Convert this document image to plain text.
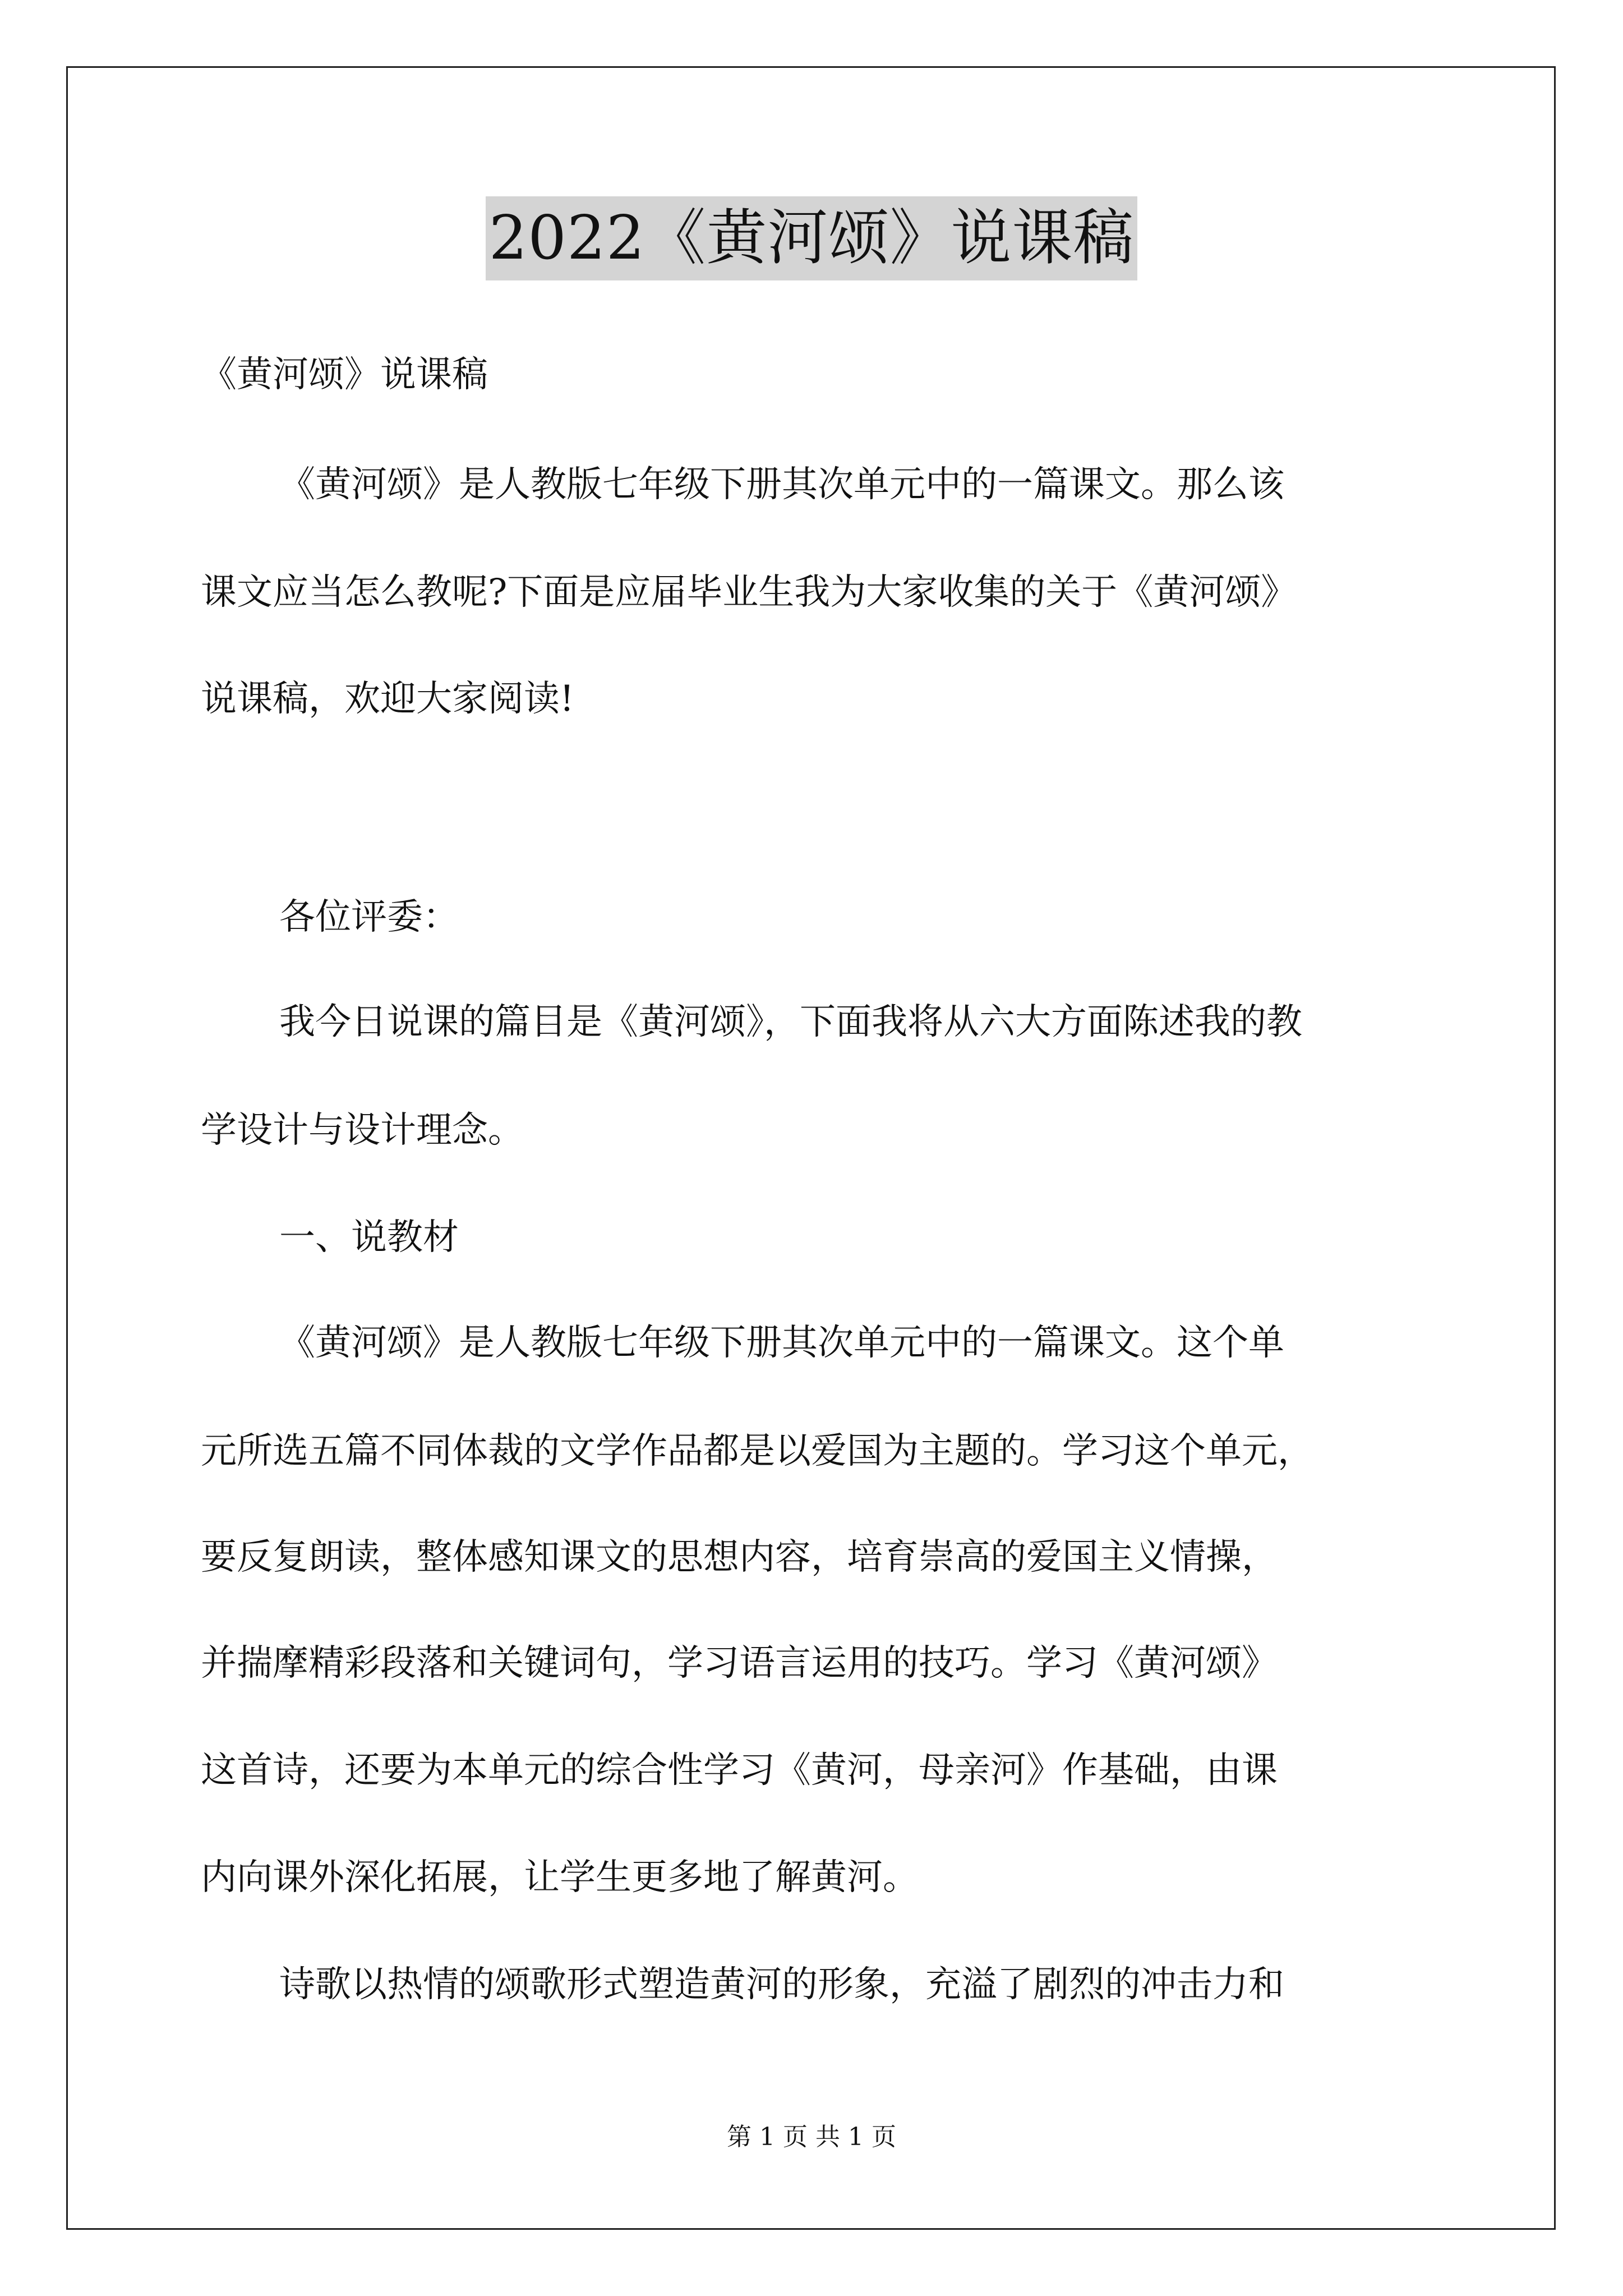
2022《黄河颂》说课稿
《黄河颂》说课稿
《黄河颂》是人教版七年级下册其次单元中的一篇课文。那么该
课文应当怎么教呢?下面是应届毕业生我为大家收集的关于《黄河颂》
说课稿，欢迎大家阅读!
各位评委：
我今日说课的篇目是《黄河颂》，下面我将从六大方面陈述我的教
学设计与设计理念。
一、说教材
《黄河颂》是人教版七年级下册其次单元中的一篇课文。这个单
元所选五篇不同体裁的文学作品都是以爱国为主题的。学习这个单元，
要反复朗读，整体感知课文的思想内容，培育崇高的爱国主义情操，
并揣摩精彩段落和关键词句，学习语言运用的技巧。学习《黄河颂》
这首诗，还要为本单元的综合性学习《黄河，母亲河》作基础，由课
内向课外深化拓展，让学生更多地了解黄河。
诗歌以热情的颂歌形式塑造黄河的形象，充溢了剧烈的冲击力和
第 1 页 共 1 页
